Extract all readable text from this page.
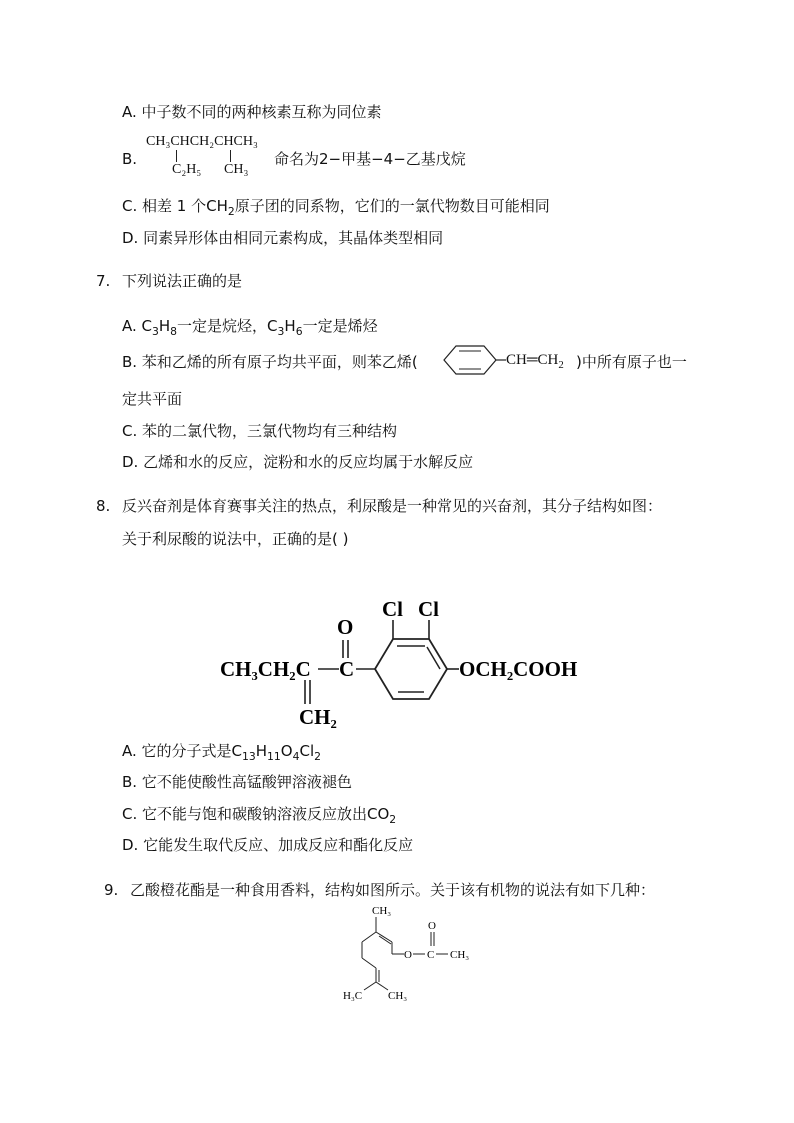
A. 中子数不同的两种核素互称为同位素
B.
CH₃CHCH₂CHCH₃
C₂H₅ CH₃
命名为2−甲基−4−乙基戊烷
C. 相差 1 个$CH_2$原子团的同系物，它们的一氯代物数目可能相同
D. 同素异形体由相同元素构成，其晶体类型相同
7. 下列说法正确的是
A. $C_3H_8$一定是烷烃，$C_3H_6$一定是烯烃
B. 苯和乙烯的所有原子均共平面，则苯乙烯(	$CH═CH_2$ )中所有原子也一
定共平面
C. 苯的二氯代物，三氯代物均有三种结构
D. 乙烯和水的反应，淀粉和水的反应均属于水解反应
8. 反兴奋剂是体育赛事关注的热点，利尿酸是一种常见的兴奋剂，其分子结构如图：
关于利尿酸的说法中，正确的是( )
CH₃CH₂C
CH₂
C
O
Cl Cl
OCH₂COOH
A. 它的分子式是$C_{13}H_{11}O_4Cl_2$
B. 它不能使酸性高锰酸钾溶液褪色
C. 它不能与饱和碳酸钠溶液反应放出$CO_2$
D. 它能发生取代反应、加成反应和酯化反应
9. 乙酸橙花酯是一种食用香料，结构如图所示。关于该有机物的说法有如下几种：
CH₃
O C
O
CH₃
H₃C CH₃
